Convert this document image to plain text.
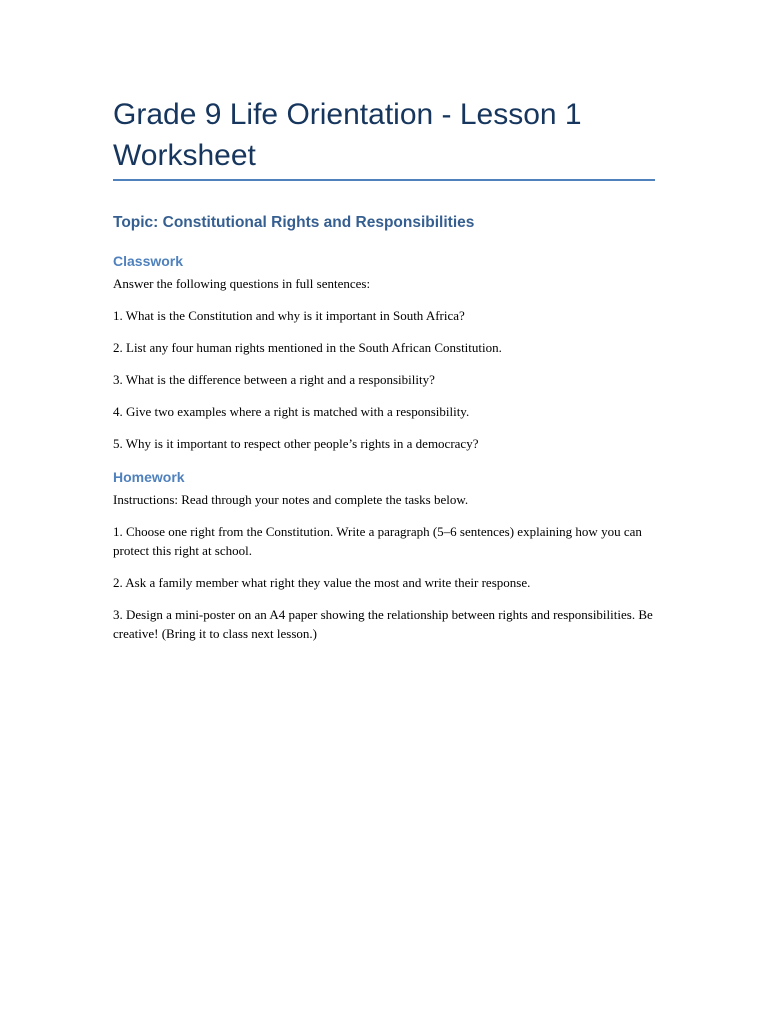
Grade 9 Life Orientation - Lesson 1 Worksheet
Topic: Constitutional Rights and Responsibilities
Classwork

Answer the following questions in full sentences:

1. What is the Constitution and why is it important in South Africa?

2. List any four human rights mentioned in the South African Constitution.

3. What is the difference between a right and a responsibility?

4. Give two examples where a right is matched with a responsibility.

5. Why is it important to respect other people’s rights in a democracy?

Homework

Instructions: Read through your notes and complete the tasks below.

1. Choose one right from the Constitution. Write a paragraph (5–6 sentences) explaining how you can protect this right at school.

2. Ask a family member what right they value the most and write their response.

3. Design a mini-poster on an A4 paper showing the relationship between rights and responsibilities. Be creative! (Bring it to class next lesson.)
